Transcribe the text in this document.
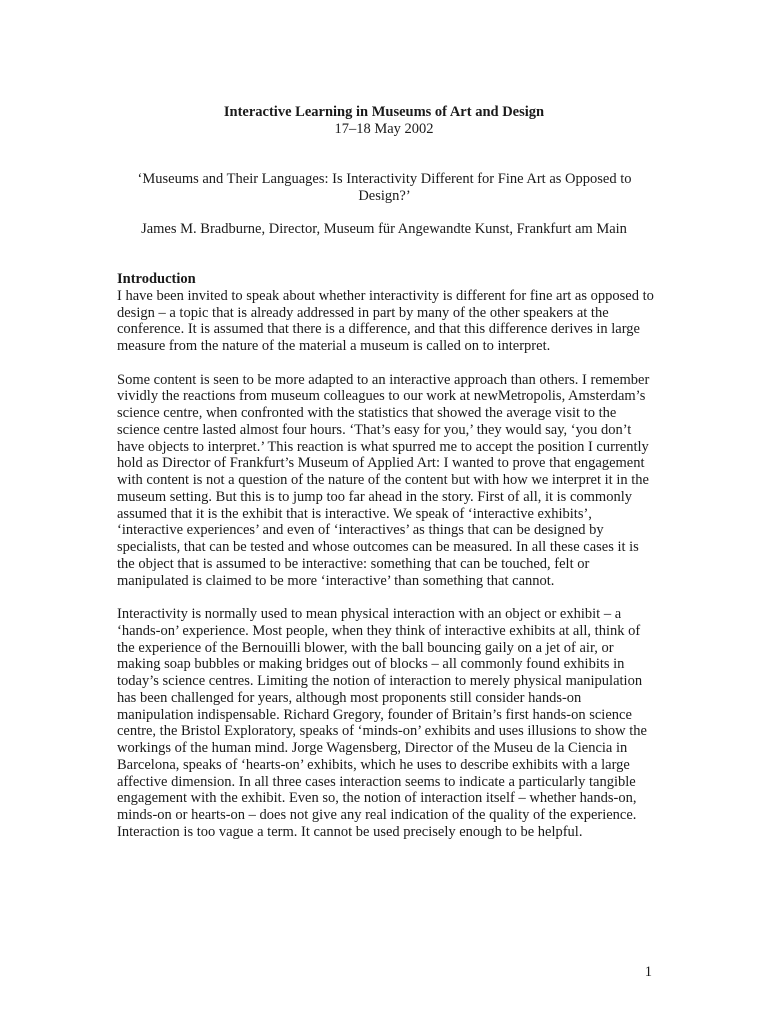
Interactive Learning in Museums of Art and Design
17–18 May 2002
‘Museums and Their Languages: Is Interactivity Different for Fine Art as Opposed to Design?’
James M. Bradburne, Director, Museum für Angewandte Kunst, Frankfurt am Main
Introduction

I have been invited to speak about whether interactivity is different for fine art as opposed to design – a topic that is already addressed in part by many of the other speakers at the conference. It is assumed that there is a difference, and that this difference derives in large measure from the nature of the material a museum is called on to interpret.

Some content is seen to be more adapted to an interactive approach than others. I remember vividly the reactions from museum colleagues to our work at newMetropolis, Amsterdam’s science centre, when confronted with the statistics that showed the average visit to the science centre lasted almost four hours. ‘That’s easy for you,’ they would say, ‘you don’t have objects to interpret.’ This reaction is what spurred me to accept the position I currently hold as Director of Frankfurt’s Museum of Applied Art: I wanted to prove that engagement with content is not a question of the nature of the content but with how we interpret it in the museum setting. But this is to jump too far ahead in the story. First of all, it is commonly assumed that it is the exhibit that is interactive. We speak of ‘interactive exhibits’, ‘interactive experiences’ and even of ‘interactives’ as things that can be designed by specialists, that can be tested and whose outcomes can be measured. In all these cases it is the object that is assumed to be interactive: something that can be touched, felt or manipulated is claimed to be more ‘interactive’ than something that cannot.

Interactivity is normally used to mean physical interaction with an object or exhibit – a ‘hands-on’ experience. Most people, when they think of interactive exhibits at all, think of the experience of the Bernouilli blower, with the ball bouncing gaily on a jet of air, or making soap bubbles or making bridges out of blocks – all commonly found exhibits in today’s science centres. Limiting the notion of interaction to merely physical manipulation has been challenged for years, although most proponents still consider hands-on manipulation indispensable. Richard Gregory, founder of Britain’s first hands-on science centre, the Bristol Exploratory, speaks of ‘minds-on’ exhibits and uses illusions to show the workings of the human mind. Jorge Wagensberg, Director of the Museu de la Ciencia in Barcelona, speaks of ‘hearts-on’ exhibits, which he uses to describe exhibits with a large affective dimension. In all three cases interaction seems to indicate a particularly tangible engagement with the exhibit. Even so, the notion of interaction itself – whether hands-on, minds-on or hearts-on – does not give any real indication of the quality of the experience. Interaction is too vague a term. It cannot be used precisely enough to be helpful.

1
